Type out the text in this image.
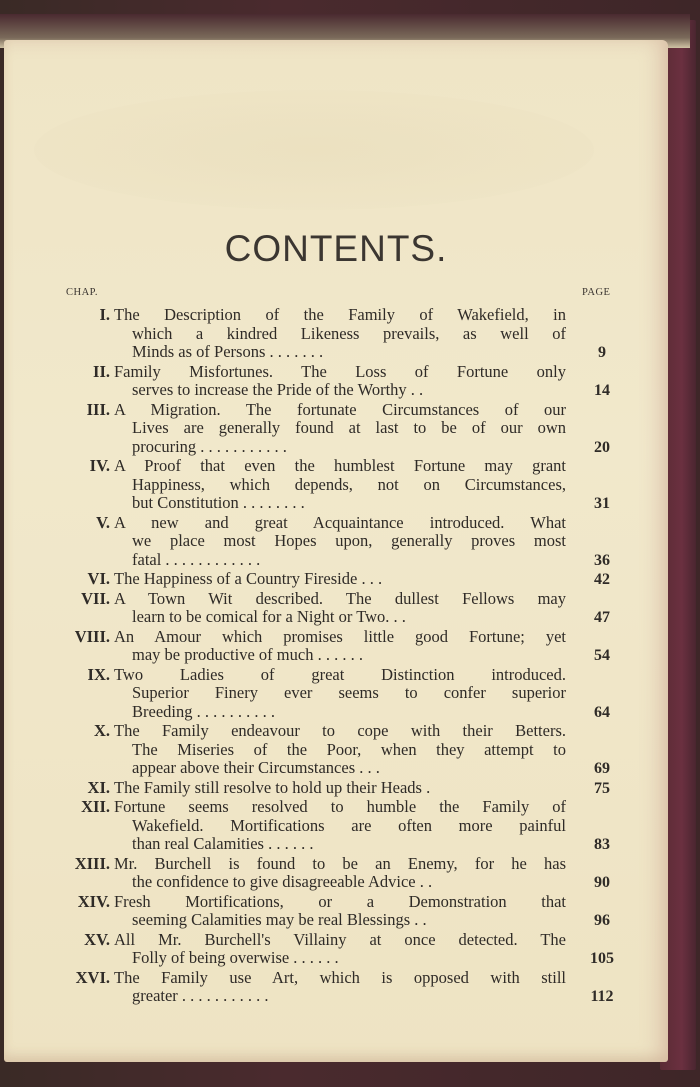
CONTENTS.
CHAP.	PAGE
I. The Description of the Family of Wakefield, in
which a kindred Likeness prevails, as well of
Minds as of Persons . . . . . . .	9
II. Family Misfortunes. The Loss of Fortune only
serves to increase the Pride of the Worthy . .	14
III. A Migration. The fortunate Circumstances of our
Lives are generally found at last to be of our own
procuring . . . . . . . . . . .	20
IV. A Proof that even the humblest Fortune may grant
Happiness, which depends, not on Circumstances,
but Constitution . . . . . . . .	31
V. A new and great Acquaintance introduced. What
we place most Hopes upon, generally proves most
fatal . . . . . . . . . . . .	36
VI. The Happiness of a Country Fireside . . .	42
VII. A Town Wit described. The dullest Fellows may
learn to be comical for a Night or Two. . .	47
VIII. An Amour which promises little good Fortune; yet
may be productive of much . . . . . .	54
IX. Two Ladies of great Distinction introduced.
Superior Finery ever seems to confer superior
Breeding . . . . . . . . . .	64
X. The Family endeavour to cope with their Betters.
The Miseries of the Poor, when they attempt to
appear above their Circumstances . . .	69
XI. The Family still resolve to hold up their Heads .	75
XII. Fortune seems resolved to humble the Family of
Wakefield. Mortifications are often more painful
than real Calamities . . . . . .	83
XIII. Mr. Burchell is found to be an Enemy, for he has
the confidence to give disagreeable Advice . .	90
XIV. Fresh Mortifications, or a Demonstration that
seeming Calamities may be real Blessings . .	96
XV. All Mr. Burchell's Villainy at once detected. The
Folly of being overwise . . . . . .	105
XVI. The Family use Art, which is opposed with still
greater . . . . . . . . . . .	112
